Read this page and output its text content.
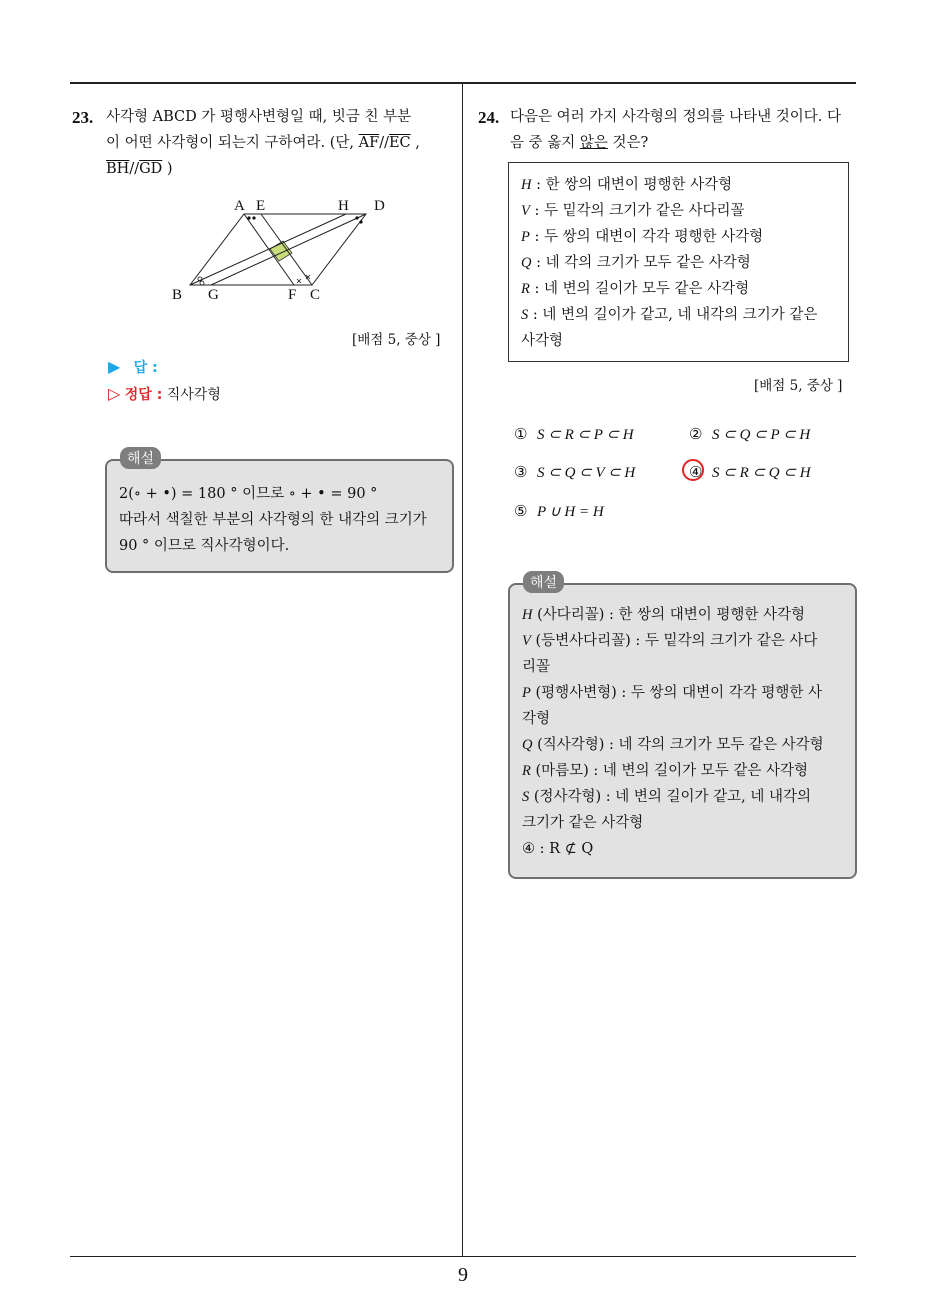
23. 사각형 ABCD 가 평행사변형일 때, 빗금 친 부분
이 어떤 사각형이 되는지 구하여라. (단, $\overline{AF}//\overline{EC}$ ,
$\overline{BH}//\overline{GD}$ )
A E	H D
B G	F C
[배점 5, 중상 ]
▶ 답 :
▷ 정답 : 직사각형
2(∘ + •) = 180 ° 이므로 ∘ + • = 90 °
따라서 색칠한 부분의 사각형의 한 내각의 크기가
90 ° 이므로 직사각형이다.
해설
24. 다음은 여러 가지 사각형의 정의를 나타낸 것이다. 다
음 중 옳지 않은 것은?
H : 한 쌍의 대변이 평행한 사각형
V : 두 밑각의 크기가 같은 사다리꼴
P : 두 쌍의 대변이 각각 평행한 사각형
Q : 네 각의 크기가 모두 같은 사각형
R : 네 변의 길이가 모두 같은 사각형
S : 네 변의 길이가 같고, 네 내각의 크기가 같은
사각형
[배점 5, 중상 ]
① S ⊂ R ⊂ P ⊂ H	② S ⊂ Q ⊂ P ⊂ H
③ S ⊂ Q ⊂ V ⊂ H	④ S ⊂ R ⊂ Q ⊂ H
⑤ P ∪ H = H
H (사다리꼴) : 한 쌍의 대변이 평행한 사각형
V (등변사다리꼴) : 두 밑각의 크기가 같은 사다
리꼴
P (평행사변형) : 두 쌍의 대변이 각각 평행한 사
각형
Q (직사각형) : 네 각의 크기가 모두 같은 사각형
R (마름모) : 네 변의 길이가 모두 같은 사각형
S (정사각형) : 네 변의 길이가 같고, 네 내각의
크기가 같은 사각형
④ : R ⊄ Q
해설
9
